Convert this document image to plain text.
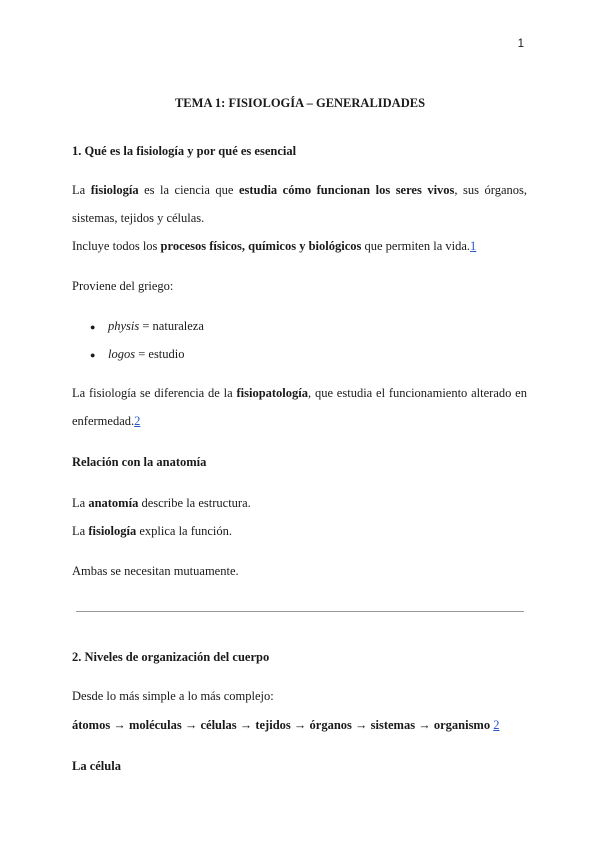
1
TEMA 1: FISIOLOGÍA – GENERALIDADES
1. Qué es la fisiología y por qué es esencial
La fisiología es la ciencia que estudia cómo funcionan los seres vivos, sus órganos,
sistemas, tejidos y células.
Incluye todos los procesos físicos, químicos y biológicos que permiten la vida.1
Proviene del griego:
● physis = naturaleza
● logos = estudio
La fisiología se diferencia de la fisiopatología, que estudia el funcionamiento alterado en
enfermedad.2
Relación con la anatomía
La anatomía describe la estructura.
La fisiología explica la función.
Ambas se necesitan mutuamente.
2. Niveles de organización del cuerpo
Desde lo más simple a lo más complejo:
átomos → moléculas → células → tejidos → órganos → sistemas → organismo 2
La célula
